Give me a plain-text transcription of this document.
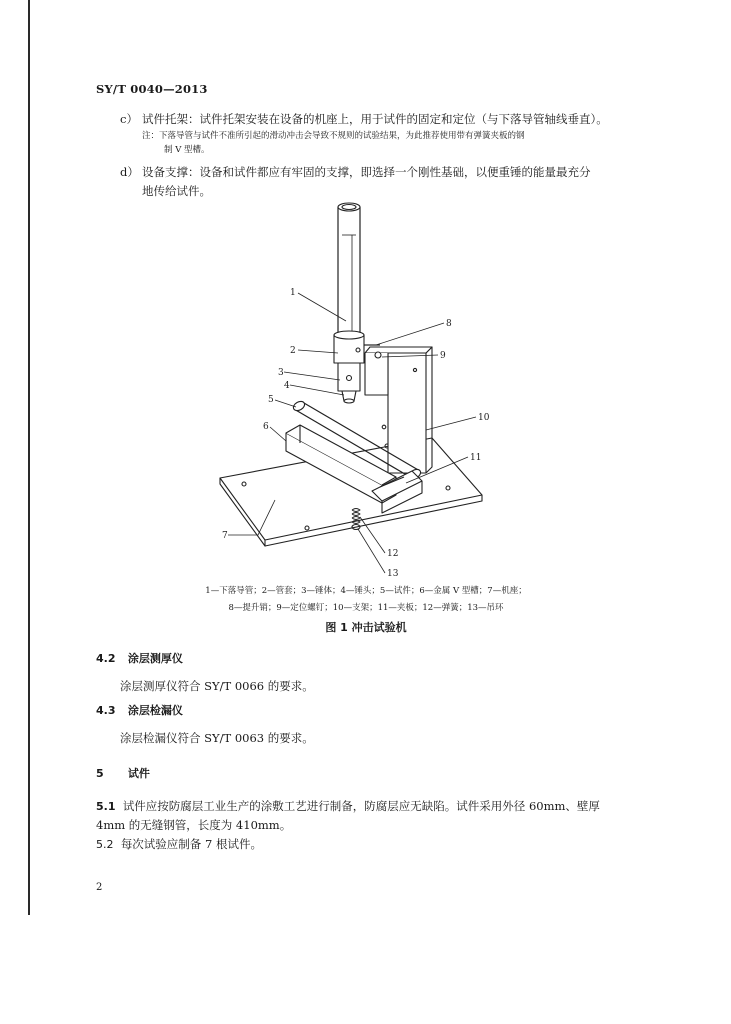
SY/T 0040—2013
c） 试件托架：试件托架安装在设备的机座上，用于试件的固定和定位（与下落导管轴线垂直）。

注：下落导管与试件不准所引起的滑动冲击会导致不规则的试验结果，为此推荐使用带有弹簧夹板的钢

制 V 型槽。

d） 设备支撑：设备和试件都应有牢固的支撑，即选择一个刚性基础，以便重锤的能量最充分

地传给试件。

1
2
3
4
5
6
7
8
9
10
11
12
13
1—下落导管；2—管套；3—锤体；4—锤头；5—试件；6—金属 V 型槽；7—机座；
8—提升销；9—定位螺钉；10—支架；11—夹板；12—弹簧；13—吊环
图 1 冲击试验机
4.2 涂层测厚仪

涂层测厚仪符合 SY/T 0066 的要求。

4.3 涂层检漏仪

涂层检漏仪符合 SY/T 0063 的要求。

5 试件

5.1 试件应按防腐层工业生产的涂敷工艺进行制备，防腐层应无缺陷。试件采用外径 60mm、壁厚

4mm 的无缝钢管，长度为 410mm。

5.2 每次试验应制备 7 根试件。

2
